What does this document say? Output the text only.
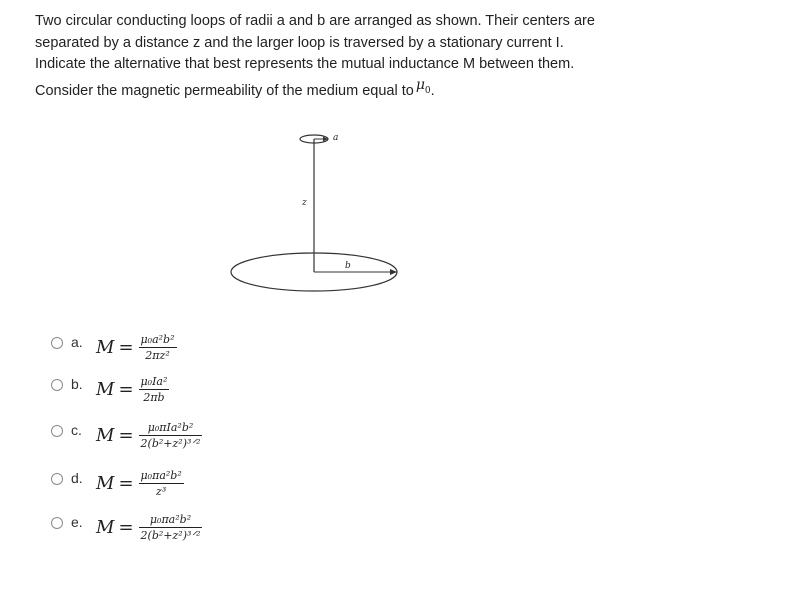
Two circular conducting loops of radii a and b are arranged as shown. Their centers are

separated by a distance z and the larger loop is traversed by a stationary current I.

Indicate the alternative that best represents the mutual inductance M between them.

Consider the magnetic permeability of the medium equal to $\mu_0$.

a
z
b
a. $M = \frac{\text{μ₀a²b²}}{\text{2πz²}}$
b. $M = \frac{\text{μ₀Ia²}}{2\pi b}$
c. $M = \frac{\text{μ₀πIa²b²}}{\text{2(b²+z²)³ᐟ²}}$
d. $M = \frac{\text{μ₀πa²b²}}{\text{z³}}$
e. $M = \frac{\text{μ₀πa²b²}}{\text{2(b²+z²)³ᐟ²}}$
